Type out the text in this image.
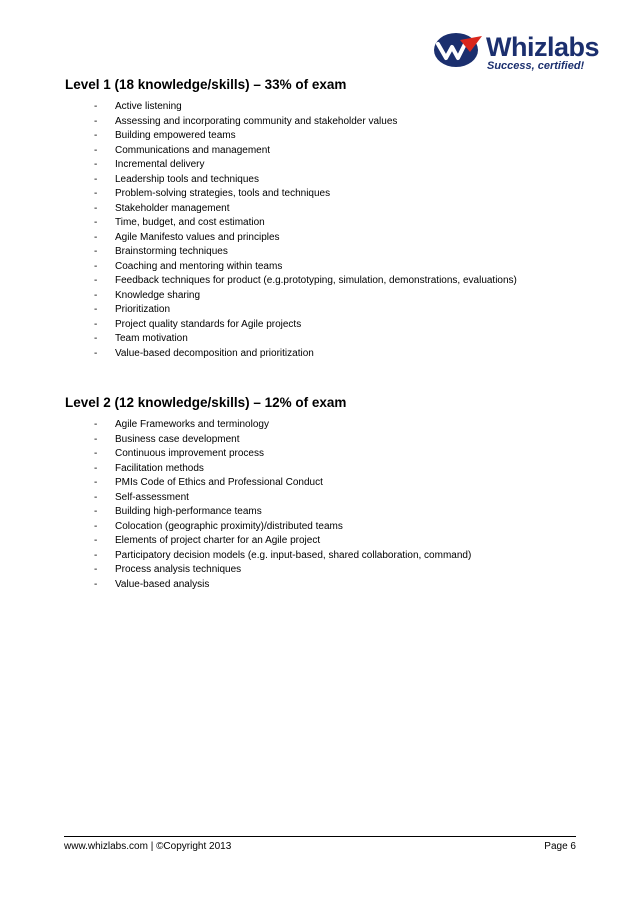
Whizlabs
Success, certified!
Level 1 (18 knowledge/skills) – 33% of exam
- Active listening
- Assessing and incorporating community and stakeholder values
- Building empowered teams
- Communications and management
- Incremental delivery
- Leadership tools and techniques
- Problem-solving strategies, tools and techniques
- Stakeholder management
- Time, budget, and cost estimation
- Agile Manifesto values and principles
- Brainstorming techniques
- Coaching and mentoring within teams
- Feedback techniques for product (e.g.prototyping, simulation, demonstrations, evaluations)
- Knowledge sharing
- Prioritization
- Project quality standards for Agile projects
- Team motivation
- Value-based decomposition and prioritization
Level 2 (12 knowledge/skills) – 12% of exam
- Agile Frameworks and terminology
- Business case development
- Continuous improvement process
- Facilitation methods
- PMIs Code of Ethics and Professional Conduct
- Self-assessment
- Building high-performance teams
- Colocation (geographic proximity)/distributed teams
- Elements of project charter for an Agile project
- Participatory decision models (e.g. input-based, shared collaboration, command)
- Process analysis techniques
- Value-based analysis
www.whizlabs.com | ©Copyright 2013	Page 6
